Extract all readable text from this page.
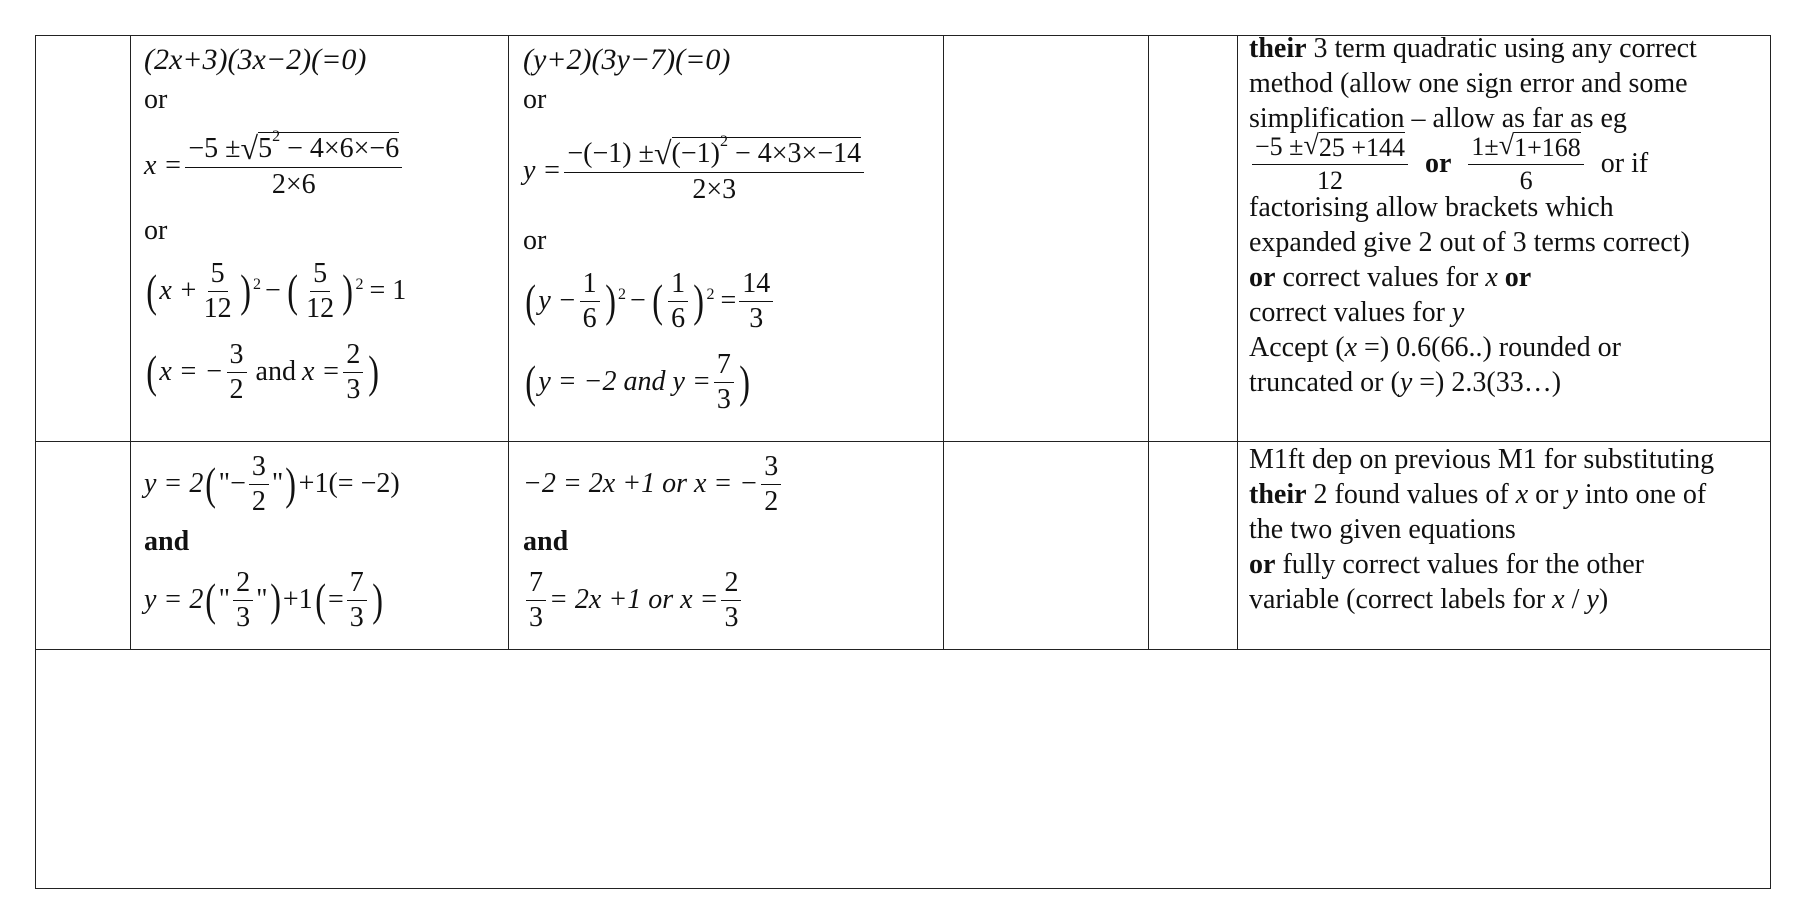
(2x+3)(3x−2)(=0)
or
$x = \frac{-5 \pm √ 5^2 - 4\times 6\times-6}{2\times 6}$
or
( $x + \frac{5}{12}$ ) 2 − ( $\frac{5}{12}$ ) 2 = 1
( x = − $\frac{3}{2}$ and $x = \frac{2}{3}$ )
(y+2)(3y−7)(=0)
or
$y = \frac{-(-1) \pm √ (-1)^2 - 4\times 3\times-14}{2\times 3}$
or
( $y - \frac{1}{6}$ ) 2 − ( $\frac{1}{6}$ ) $2 = \frac{14}{3}$
( y = −2 and $y = \frac{7}{3}$ )
their 3 term quadratic using any correct
method (allow one sign error and some
simplification – allow as far as eg
$\frac{-5 \pm √ 25 +144}{12}$ or $\frac{1\pm √ 1+168}{6}$ or if
factorising allow brackets which
expanded give 2 out of 3 terms correct)
or correct values for x or
correct values for y
Accept (x =) 0.6(66..) rounded or
truncated or (y =) 2.3(33…)
y = 2 ( "− $\frac{3}{2}$ " ) +1(= −2)
and
y = 2 ( " $\frac{2}{3}$ " ) +1 ( = $\frac{7}{3}$ )
−2 = 2x +1 or x = − $\frac{3}{2}$
and
$\frac{7}{3} = 2x +1$ or $x = \frac{2}{3}$
M1ft dep on previous M1 for substituting
their 2 found values of x or y into one of
the two given equations
or fully correct values for the other
variable (correct labels for x / y)
